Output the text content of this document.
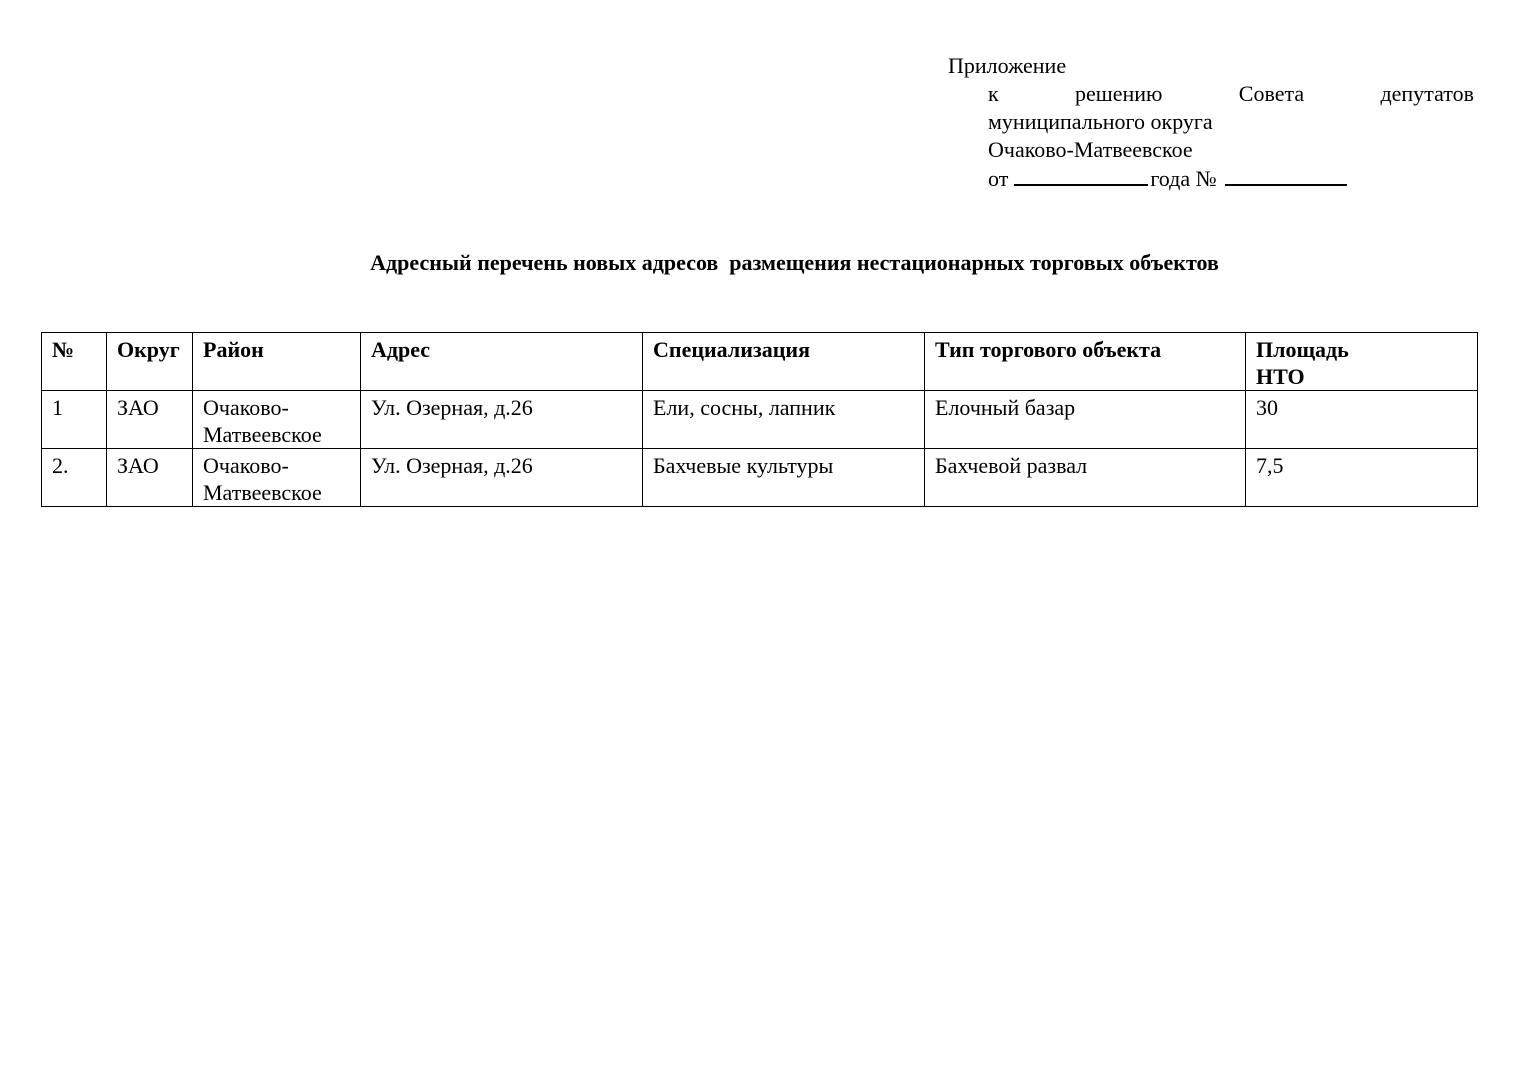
Приложение
к	решению	Совета	депутатов
муниципального округа
Очаково-Матвеевское
от	года №
Адресный перечень новых адресов  размещения нестационарных торговых объектов
№	Округ	Район	Адрес	Специализация	Тип торгового объекта	Площадь
НТО

1	ЗАО	Очаково-Матвеевское	Ул. Озерная, д.26	Ели, сосны, лапник	Елочный базар	30
2.	ЗАО	Очаково-Матвеевское	Ул. Озерная, д.26	Бахчевые культуры	Бахчевой развал	7,5
